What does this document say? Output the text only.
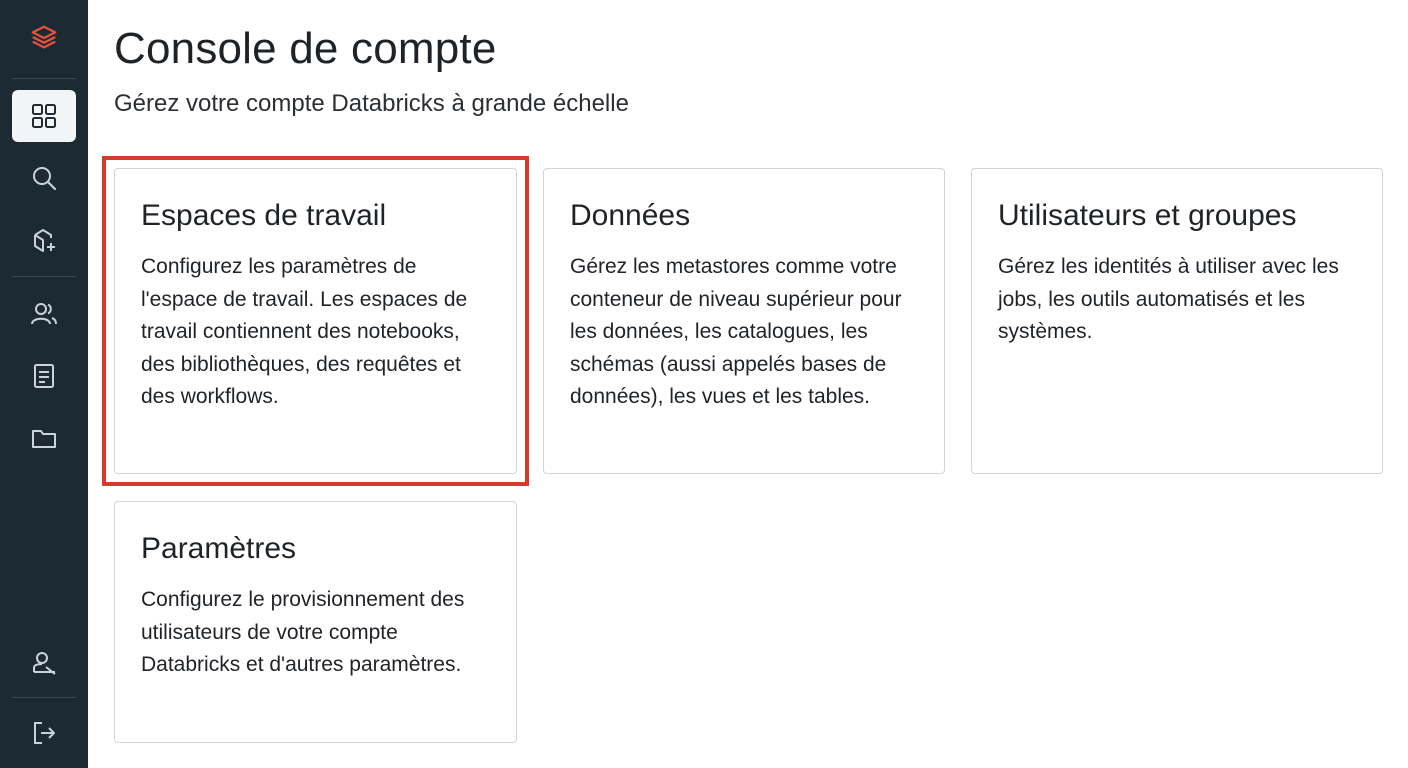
Console de compte

Gérez votre compte Databricks à grande échelle

Espaces de travail

Configurez les paramètres de l'espace de travail. Les espaces de travail contiennent des notebooks, des bibliothèques, des requêtes et des workflows.

Données

Gérez les metastores comme votre conteneur de niveau supérieur pour les données, les catalogues, les schémas (aussi appelés bases de données), les vues et les tables.

Utilisateurs et groupes

Gérez les identités à utiliser avec les jobs, les outils automatisés et les systèmes.

Paramètres

Configurez le provisionnement des utilisateurs de votre compte Databricks et d'autres paramètres.
